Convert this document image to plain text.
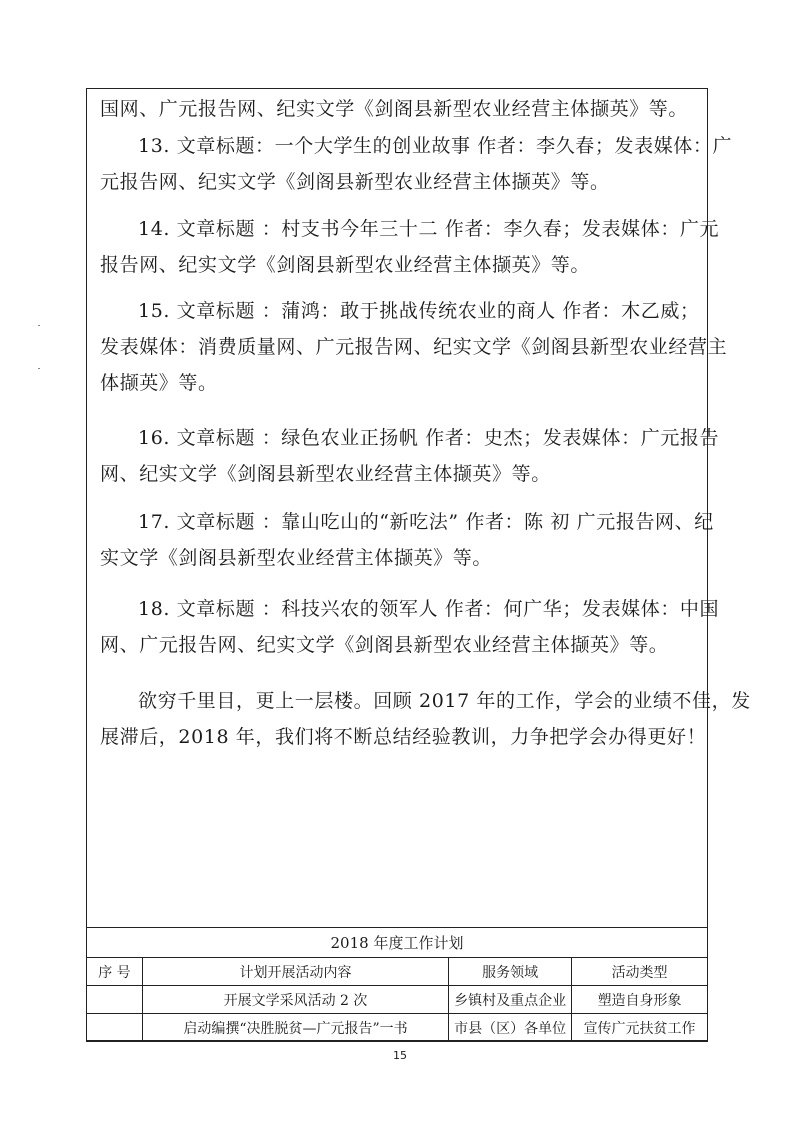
国网、广元报告网、纪实文学《剑阁县新型农业经营主体撷英》等。
13. 文章标题：一个大学生的创业故事 作者：李久春；发表媒体：广
元报告网、纪实文学《剑阁县新型农业经营主体撷英》等。
14. 文章标题 ：村支书今年三十二 作者：李久春；发表媒体：广元
报告网、纪实文学《剑阁县新型农业经营主体撷英》等。
15. 文章标题 ：蒲鸿：敢于挑战传统农业的商人 作者：木乙威；
发表媒体：消费质量网、广元报告网、纪实文学《剑阁县新型农业经营主
体撷英》等。
16. 文章标题 ：绿色农业正扬帆 作者：史杰；发表媒体：广元报告
网、纪实文学《剑阁县新型农业经营主体撷英》等。
17. 文章标题 ：靠山吃山的“新吃法” 作者：陈 初 广元报告网、纪
实文学《剑阁县新型农业经营主体撷英》等。
18. 文章标题 ：科技兴农的领军人 作者：何广华；发表媒体：中国
网、广元报告网、纪实文学《剑阁县新型农业经营主体撷英》等。
欲穷千里目，更上一层楼。回顾 2017 年的工作，学会的业绩不佳，发
展滞后，2018 年，我们将不断总结经验教训，力争把学会办得更好！
2018 年度工作计划			
序 号	计划开展活动内容	服务领域	活动类型
	开展文学采风活动 2 次	乡镇村及重点企业	塑造自身形象
	启动编撰“决胜脱贫—广元报告”一书	市县（区）各单位	宣传广元扶贫工作
15
